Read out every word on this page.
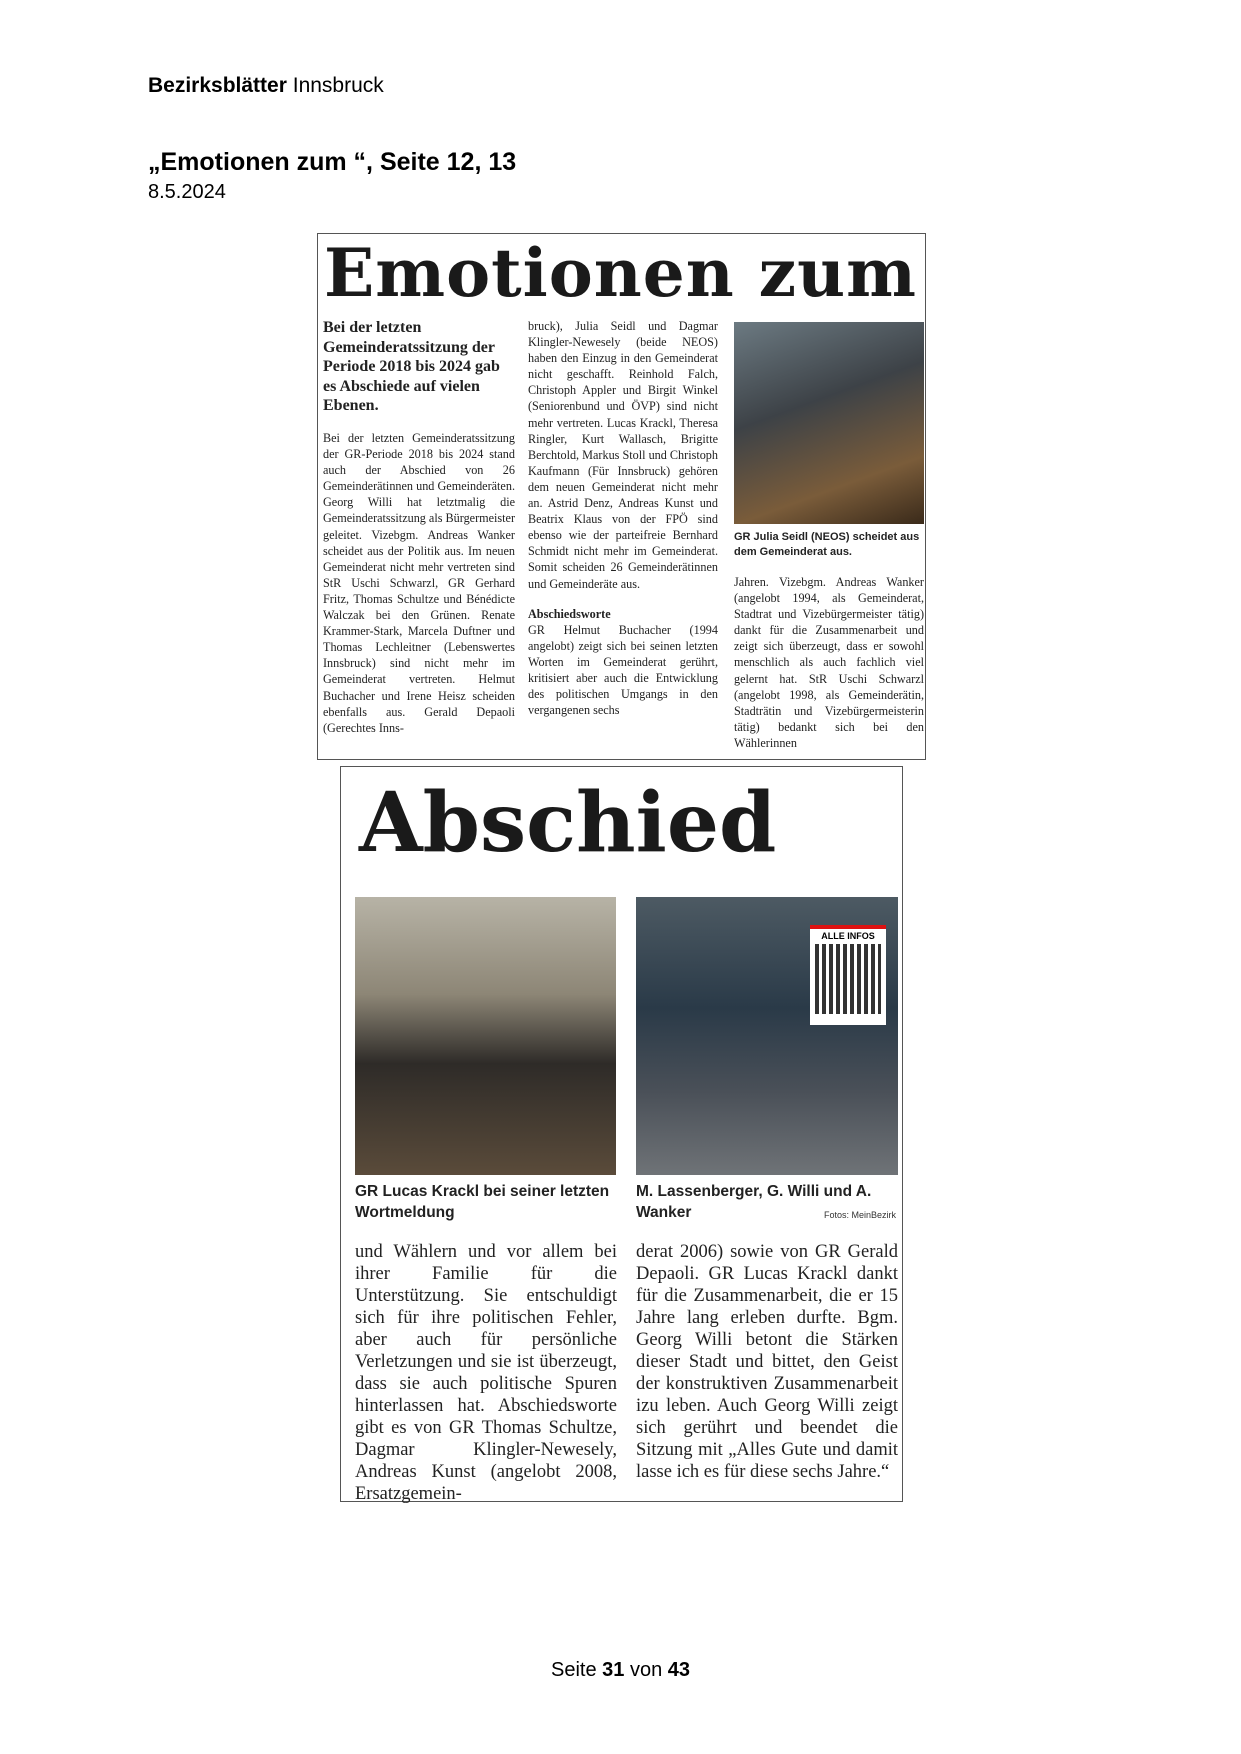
Bezirksblätter Innsbruck
„Emotionen zum “, Seite 12, 13
8.5.2024
Emotionen zum
Bei der letzten Gemeinderatssitzung der Periode 2018 bis 2024 gab es Abschiede auf vielen Ebenen.
Bei der letzten Gemeinderatssitzung der GR-Periode 2018 bis 2024 stand auch der Abschied von 26 Gemeinderätinnen und Gemeinderäten. Georg Willi hat letztmalig die Gemeinderatssitzung als Bürgermeister geleitet. Vizebgm. Andreas Wanker scheidet aus der Politik aus. Im neuen Gemeinderat nicht mehr vertreten sind StR Uschi Schwarzl, GR Gerhard Fritz, Thomas Schultze und Bénédicte Walczak bei den Grünen. Renate Krammer-Stark, Marcela Duftner und Thomas Lechleitner (Lebenswertes Innsbruck) sind nicht mehr im Gemeinderat vertreten. Helmut Buchacher und Irene Heisz scheiden ebenfalls aus. Gerald Depaoli (Gerechtes Inns-
bruck), Julia Seidl und Dagmar Klingler-Newesely (beide NEOS) haben den Einzug in den Gemeinderat nicht geschafft. Reinhold Falch, Christoph Appler und Birgit Winkel (Seniorenbund und ÖVP) sind nicht mehr vertreten. Lucas Krackl, Theresa Ringler, Kurt Wallasch, Brigitte Berchtold, Markus Stoll und Christoph Kaufmann (Für Innsbruck) gehören dem neuen Gemeinderat nicht mehr an. Astrid Denz, Andreas Kunst und Beatrix Klaus von der FPÖ sind ebenso wie der parteifreie Bernhard Schmidt nicht mehr im Gemeinderat. Somit scheiden 26 Gemeinderätinnen und Gemeinderäte aus.
Abschiedsworte
GR Helmut Buchacher (1994 angelobt) zeigt sich bei seinen letzten Worten im Gemeinderat gerührt, kritisiert aber auch die Entwicklung des politischen Umgangs in den vergangenen sechs
GR Julia Seidl (NEOS) scheidet aus dem Gemeinderat aus.
Jahren. Vizebgm. Andreas Wanker (angelobt 1994, als Gemeinderat, Stadtrat und Vizebürgermeister tätig) dankt für die Zusammenarbeit und zeigt sich überzeugt, dass er sowohl menschlich als auch fachlich viel gelernt hat. StR Uschi Schwarzl (angelobt 1998, als Gemeinderätin, Stadträtin und Vizebürgermeisterin tätig) bedankt sich bei den Wählerinnen
Abschied
ALLE INFOS
GR Lucas Krackl bei seiner letzten Wortmeldung
M. Lassenberger, G. Willi und A. Wanker	Fotos: MeinBezirk
und Wählern und vor allem bei ihrer Familie für die Unterstützung. Sie entschuldigt sich für ihre politischen Fehler, aber auch für persönliche Verletzungen und sie ist überzeugt, dass sie auch politische Spuren hinterlassen hat. Abschiedsworte gibt es von GR Thomas Schultze, Dagmar Klingler-Newesely, Andreas Kunst (angelobt 2008, Ersatzgemein-
derat 2006) sowie von GR Gerald Depaoli. GR Lucas Krackl dankt für die Zusammenarbeit, die er 15 Jahre lang erleben durfte. Bgm. Georg Willi betont die Stärken dieser Stadt und bittet, den Geist der konstruktiven Zusammenarbeit izu leben. Auch Georg Willi zeigt sich gerührt und beendet die Sitzung mit „Alles Gute und damit lasse ich es für diese sechs Jahre.“
Seite 31 von 43
